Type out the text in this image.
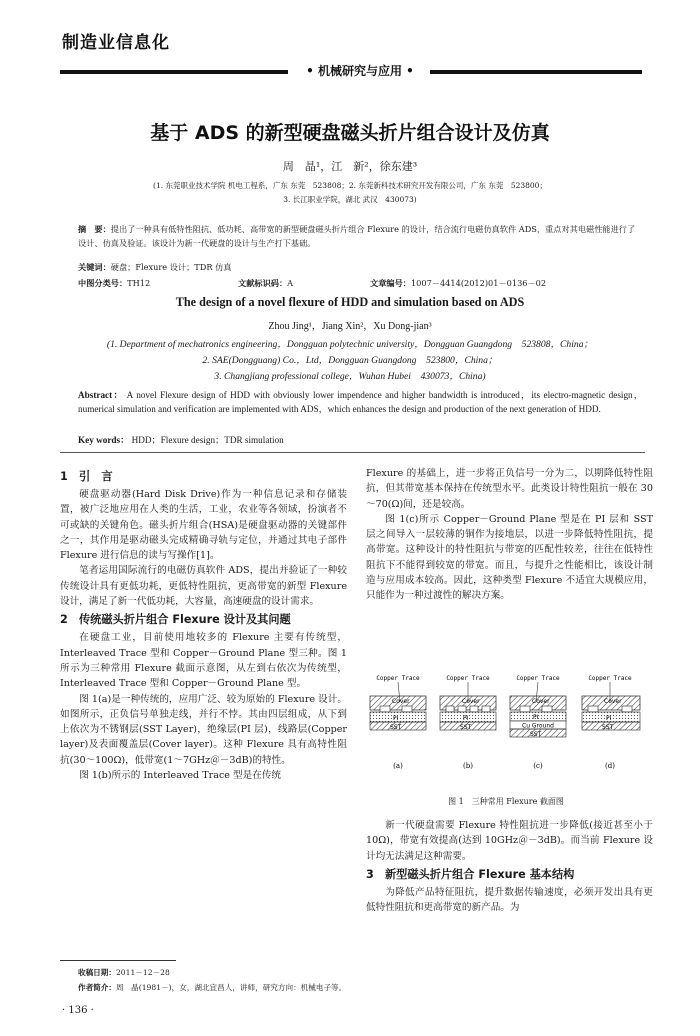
制造业信息化
• 机械研究与应用 •
基于 ADS 的新型硬盘磁头折片组合设计及仿真
周　晶¹，江　新²，徐东建³
(1. 东莞职业技术学院 机电工程系，广东 东莞　523808；2. 东莞新科技术研究开发有限公司，广东 东莞　523800；
3. 长江职业学院，湖北 武汉　430073)
摘　要：提出了一种具有低特性阻抗、低功耗、高带宽的新型硬盘磁头折片组合 Flexure 的设计，结合流行电磁仿真软件 ADS，重点对其电磁性能进行了设计、仿真及验证。该设计为新一代硬盘的设计与生产打下基础。
关键词：硬盘；Flexure 设计；TDR 仿真
中图分类号：TH12	文献标识码：A	文章编号：1007－4414(2012)01－0136－02
The design of a novel flexure of HDD and simulation based on ADS
Zhou Jing¹，Jiang Xin²，Xu Dong-jian³
(1. Department of mechatronics engineering，Dongguan polytechnic university，Dongguan Guangdong　523808，China；
2. SAE(Dongguang) Co.，Ltd，Dongguan Guangdong　523800，China；
3. Changjiang professional college，Wuhan Hubei　430073，China)
Abstract： A novel Flexure design of HDD with obviously lower impendence and higher bandwidth is introduced，its electro-magnetic design，numerical simulation and verification are implemented with ADS，which enhances the design and production of the next generation of HDD.
Key words： HDD；Flexure design；TDR simulation
1　引　言

硬盘驱动器(Hard Disk Drive)作为一种信息记录和存储装置，被广泛地应用在人类的生活，工业，农业等各领域，扮演者不可或缺的关键角色。磁头折片组合(HSA)是硬盘驱动器的关键部件之一，其作用是驱动磁头完成精确寻轨与定位，并通过其电子部件 Flexure 进行信息的读与写操作[1]。

笔者运用国际流行的电磁仿真软件 ADS，提出并验证了一种较传统设计具有更低功耗，更低特性阻抗，更高带宽的新型 Flexure 设计，满足了新一代低功耗，大容量，高速硬盘的设计需求。

2　传统磁头折片组合 Flexure 设计及其问题

在硬盘工业，目前使用地较多的 Flexure 主要有传统型，Interleaved Trace 型和 Copper－Ground Plane 型三种。图 1 所示为三种常用 Flexure 截面示意图，从左到右依次为传统型，Interleaved Trace 型和 Copper－Ground Plane 型。

图 1(a)是一种传统的，应用广泛、较为原始的 Flexure 设计。如图所示，正负信号单独走线，并行不悖。其由四层组成，从下到上依次为不锈钢层(SST Layer)，绝缘层(PI 层)，线路层(Copper layer)及表面覆盖层(Cover layer)。这种 Flexure 具有高特性阻抗(30～100Ω)，低带宽(1～7GHz＠－3dB)的特性。

图 1(b)所示的 Interleaved Trace 型是在传统

Flexure 的基础上，进一步将正负信号一分为二，以期降低特性阻抗，但其带宽基本保持在传统型水平。此类设计特性阻抗一般在 30～70(Ω)间，还是较高。

图 1(c)所示 Copper－Ground Plane 型是在 PI 层和 SST 层之间导入一层较薄的铜作为接地层，以进一步降低特性阻抗，提高带宽。这种设计的特性阻抗与带宽的匹配性较差，往往在低特性阻抗下不能得到较宽的带宽。而且，与提升之性能相比，该设计制造与应用成本较高。因此，这种类型 Flexure 不适宜大规模应用，只能作为一种过渡性的解决方案。

Copper Trace
Cover
PI
SST
(a)
Copper Trace
Cover
PI
SST
(b)
Copper Trace
Cover
PI
Cu Ground
SST
(c)
Copper Trace
Cover
PI
SST
(d)
图 1　三种常用 Flexure 截面图

新一代硬盘需要 Flexure 特性阻抗进一步降低(接近甚至小于 10Ω)，带宽有效提高(达到 10GHz＠－3dB)。而当前 Flexure 设计均无法满足这种需要。

3　新型磁头折片组合 Flexure 基本结构

为降低产品特征阻抗，提升数据传输速度，必须开发出具有更低特性阻抗和更高带宽的新产品。为

收稿日期：2011－12－28
作者简介：周　晶(1981－)，女，湖北宜昌人，讲师，研究方向：机械电子等。
· 136 ·
